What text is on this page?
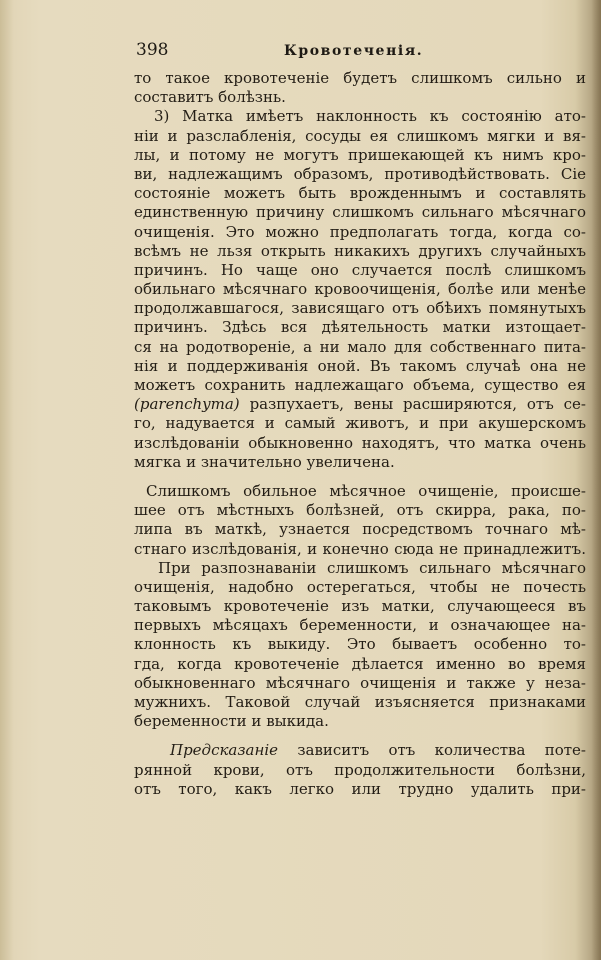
398	Кровотеченiя.
то такое кровотеченiе будетъ слишкомъ сильно и
составитъ болѣзнь.
3) Матка имѣетъ наклонность къ состоянiю ато-
нiи и разслабленiя, сосуды ея слишкомъ мягки и вя-
лы, и потому не могутъ пришекающей къ нимъ кро-
ви, надлежащимъ образомъ, противодѣйствовать. Сiе
состоянiе можетъ быть врожденнымъ и составлять
единственную причину слишкомъ сильнаго мѣсячнаго
очищенiя. Это можно предполагать тогда, когда со-
всѣмъ не льзя открыть никакихъ другихъ случайныхъ
причинъ. Но чаще оно случается послѣ слишкомъ
обильнаго мѣсячнаго кровоочищенiя, болѣе или менѣе
продолжавшагося, зависящаго отъ обѣихъ помянутыхъ
причинъ. Здѣсь вся дѣятельность матки изтощает-
ся на родотворенiе, а ни мало для собственнаго пита-
нiя и поддерживанiя оной. Въ такомъ случаѣ она не
можетъ сохранить надлежащаго объема, существо ея
(parenchyma) разпухаетъ, вены расширяются, отъ се-
го, надувается и самый животъ, и при акушерскомъ
изслѣдованiи обыкновенно находятъ, что матка очень
мягка и значительно увеличена.
Слишкомъ обильное мѣсячное очищенiе, происше-
шее отъ мѣстныхъ болѣзней, отъ скирра, рака, по-
липа въ маткѣ, узнается посредствомъ точнаго мѣ-
стнаго изслѣдованiя, и конечно сюда не принадлежитъ.
При разпознаванiи слишкомъ сильнаго мѣсячнаго
очищенiя, надобно остерегаться, чтобы не почесть
таковымъ кровотеченiе изъ матки, случающееся въ
первыхъ мѣсяцахъ беременности, и означающее на-
клонность къ выкиду. Это бываетъ особенно то-
гда, когда кровотеченiе дѣлается именно во время
обыкновеннаго мѣсячнаго очищенiя и также у неза-
мужнихъ. Таковой случай изъясняется признаками
беременности и выкида.
Предсказанiе зависитъ отъ количества поте-
рянной крови, отъ продолжительности болѣзни,
отъ того, какъ легко или трудно удалить при-
